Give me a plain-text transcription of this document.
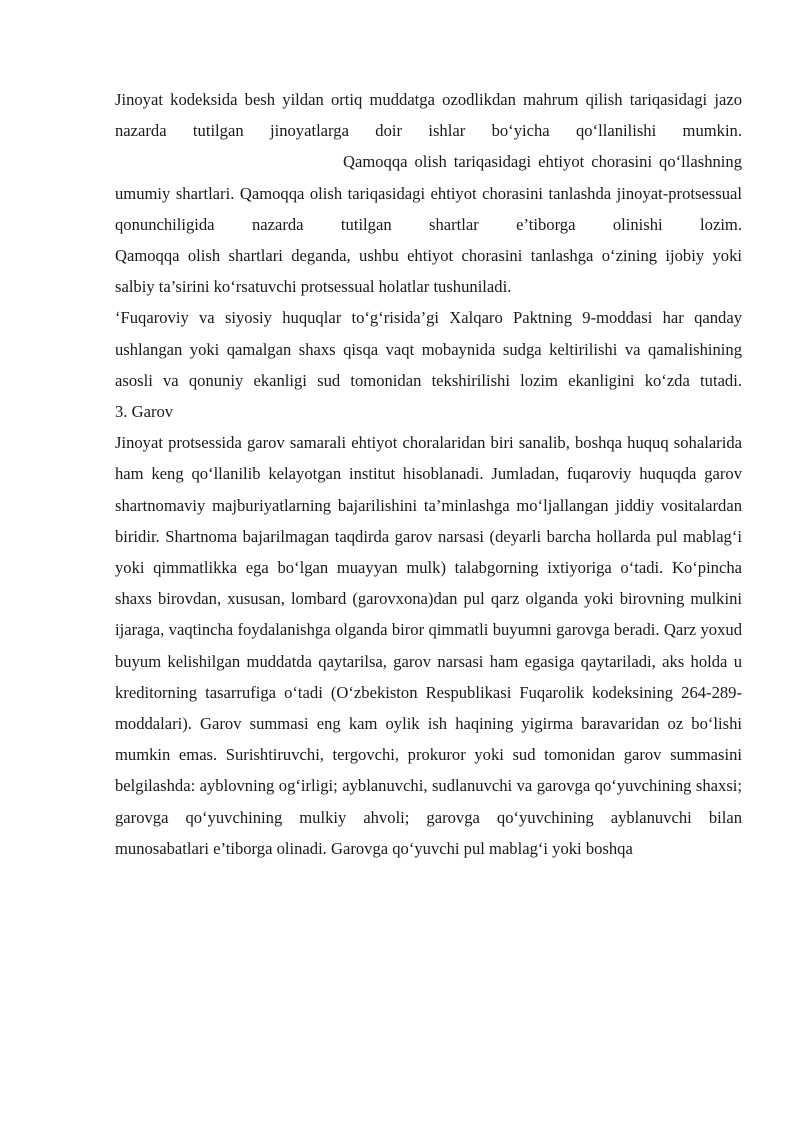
Jinoyat kodeksida besh yildan ortiq muddatga ozodlikdan mahrum qilish tariqasidagi jazo nazarda tutilgan jinoyatlarga doir ishlar bo‘yicha qo‘llanilishi mumkin.Qamoqqa olish tariqasidagi ehtiyot chorasini qo‘llashning umumiy shartlari. Qamoqqa olish tariqasidagi ehtiyot chorasini tanlashda jinoyat-protsessual qonunchiligida nazarda tutilgan shartlar e’tiborga olinishi lozim.

Qamoqqa olish shartlari deganda, ushbu ehtiyot chorasini tanlashga o‘zining ijobiy yoki salbiy ta’sirini ko‘rsatuvchi protsessual holatlar tushuniladi.

‘Fuqaroviy va siyosiy huquqlar to‘g‘risida’gi Xalqaro Paktning 9-moddasi har qanday ushlangan yoki qamalgan shaxs qisqa vaqt mobaynida sudga keltirilishi va qamalishining asosli va qonuniy ekanligi sud tomonidan tekshirilishi lozim ekanligini ko‘zda tutadi.

3. Garov

Jinoyat protsessida garov samarali ehtiyot choralaridan biri sanalib, boshqa huquq sohalarida ham keng qo‘llanilib kelayotgan institut hisoblanadi. Jumladan, fuqaroviy huquqda garov shartnomaviy majburiyatlarning bajarilishini ta’minlashga mo‘ljallangan jiddiy vositalardan biridir. Shartnoma bajarilmagan taqdirda garov narsasi (deyarli barcha hollarda pul mablag‘i yoki qimmatlikka ega bo‘lgan muayyan mulk) talabgorning ixtiyoriga o‘tadi. Ko‘pincha shaxs birovdan, xususan, lombard (garovxona)dan pul qarz olganda yoki birovning mulkini ijaraga, vaqtincha foydalanishga olganda biror qimmatli buyumni garovga beradi. Qarz yoxud buyum kelishilgan muddatda qaytarilsa, garov narsasi ham egasiga qaytariladi, aks holda u kreditorning tasarrufiga o‘tadi (O‘zbekiston Respublikasi Fuqarolik kodeksining 264-289-moddalari). Garov summasi eng kam oylik ish haqining yigirma baravaridan oz bo‘lishi mumkin emas. Surishtiruvchi, tergovchi, prokuror yoki sud tomonidan garov summasini belgilashda: ayblovning og‘irligi; ayblanuvchi, sudlanuvchi va garovga qo‘yuvchining shaxsi; garovga qo‘yuvchining mulkiy ahvoli; garovga qo‘yuvchining ayblanuvchi bilan munosabatlari e’tiborga olinadi. Garovga qo‘yuvchi pul mablag‘i yoki boshqa
